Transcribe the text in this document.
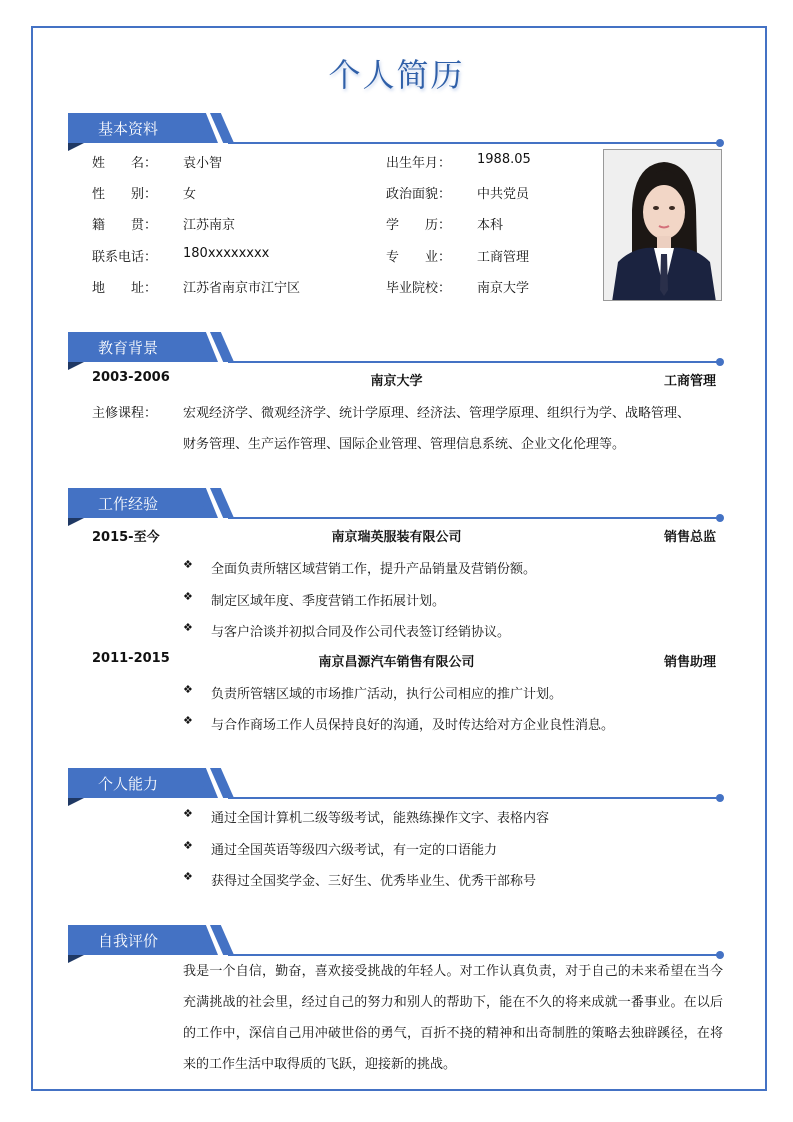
个人简历
基本资料
姓　　名： 袁小智
性　　别： 女
籍　　贯： 江苏南京
联系电话： 180xxxxxxxx
地　　址： 江苏省南京市江宁区
出生年月： 1988.05
政治面貌： 中共党员
学　　历： 本科
专　　业： 工商管理
毕业院校： 南京大学
教育背景
2003-2006	南京大学	工商管理
主修课程： 宏观经济学、微观经济学、统计学原理、经济法、管理学原理、组织行为学、战略管理、
财务管理、生产运作管理、国际企业管理、管理信息系统、企业文化伦理等。
工作经验
2015-至今	南京瑞英服装有限公司	销售总监
❖ 全面负责所辖区域营销工作，提升产品销量及营销份额。
❖ 制定区域年度、季度营销工作拓展计划。
❖ 与客户洽谈并初拟合同及作公司代表签订经销协议。
2011-2015	南京昌源汽车销售有限公司	销售助理
❖ 负责所管辖区域的市场推广活动，执行公司相应的推广计划。
❖ 与合作商场工作人员保持良好的沟通，及时传达给对方企业良性消息。
个人能力
❖ 通过全国计算机二级等级考试，能熟练操作文字、表格内容
❖ 通过全国英语等级四六级考试，有一定的口语能力
❖ 获得过全国奖学金、三好生、优秀毕业生、优秀干部称号
自我评价
我是一个自信，勤奋，喜欢接受挑战的年轻人。对工作认真负责，对于自己的未来希望在当今充满挑战的社会里，经过自己的努力和别人的帮助下，能在不久的将来成就一番事业。在以后的工作中，深信自己用冲破世俗的勇气，百折不挠的精神和出奇制胜的策略去独辟蹊径，在将来的工作生活中取得质的飞跃，迎接新的挑战。
